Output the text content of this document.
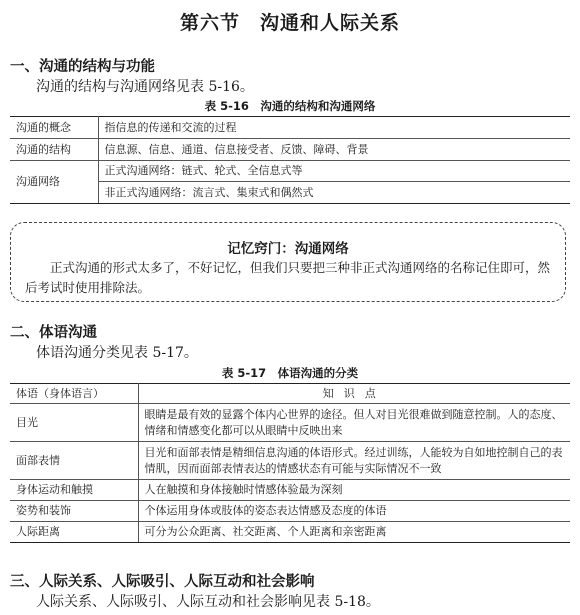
第六节　沟通和人际关系
一、沟通的结构与功能
沟通的结构与沟通网络见表 5-16。
表 5-16　沟通的结构和沟通网络
沟通的概念	指信息的传递和交流的过程
沟通的结构	信息源、信息、通道、信息接受者、反馈、障碍、背景
沟通网络	正式沟通网络：链式、轮式、全信息式等
	非正式沟通网络：流言式、集束式和偶然式
记忆窍门：沟通网络
正式沟通的形式太多了，不好记忆，但我们只要把三种非正式沟通网络的名称记住即可，然后考试时使用排除法。
二、体语沟通
体语沟通分类见表 5-17。
表 5-17　体语沟通的分类
体语（身体语言）	知识点
目光	眼睛是最有效的显露个体内心世界的途径。但人对目光很难做到随意控制。人的态度、情绪和情感变化都可以从眼睛中反映出来
面部表情	目光和面部表情是精细信息沟通的体语形式。经过训练，人能较为自如地控制自己的表情肌，因而面部表情表达的情感状态有可能与实际情况不一致
身体运动和触摸	人在触摸和身体接触时情感体验最为深刻
姿势和装饰	个体运用身体或肢体的姿态表达情感及态度的体语
人际距离	可分为公众距离、社交距离、个人距离和亲密距离
三、人际关系、人际吸引、人际互动和社会影响
人际关系、人际吸引、人际互动和社会影响见表 5-18。
